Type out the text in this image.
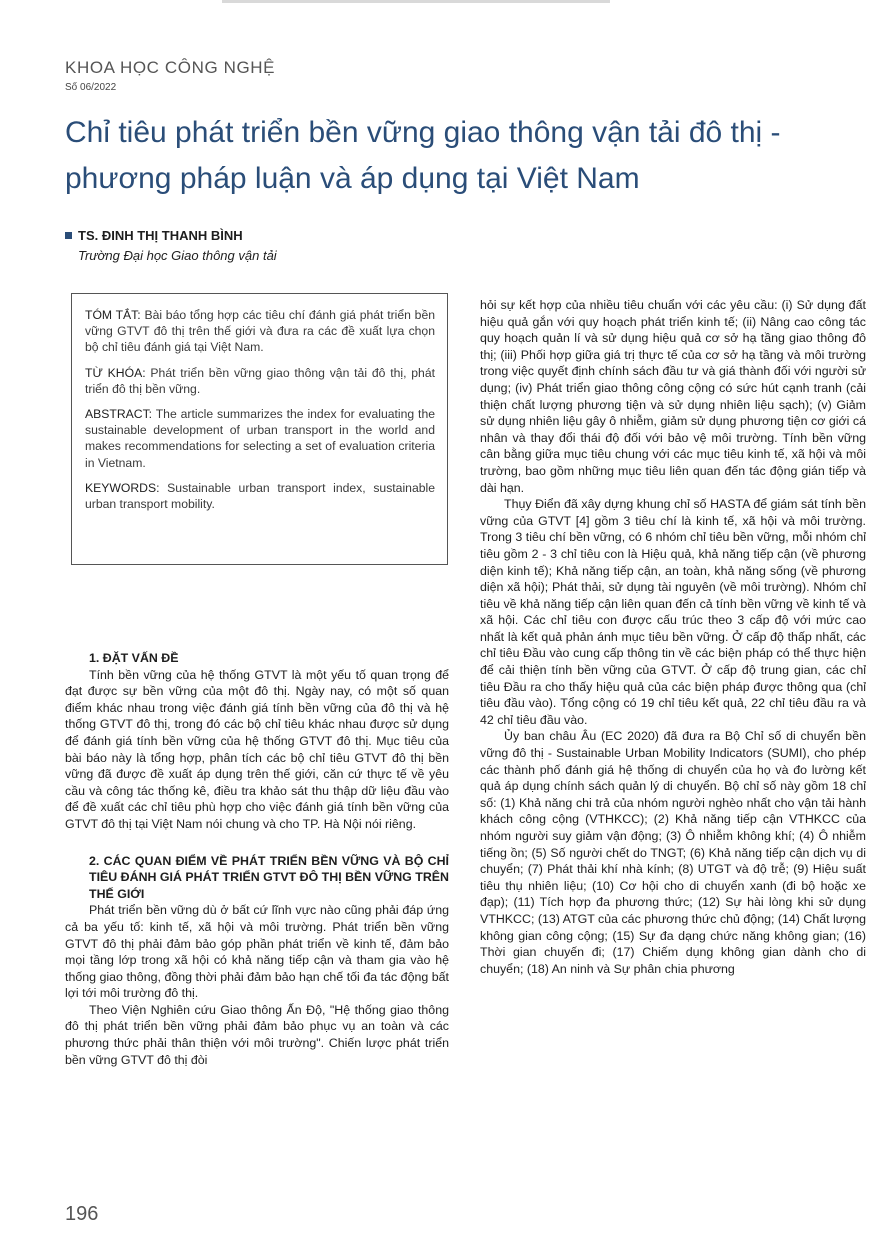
KHOA HỌC CÔNG NGHỆ
Số 06/2022
Chỉ tiêu phát triển bền vững giao thông vận tải đô thị - phương pháp luận và áp dụng tại Việt Nam
TS. ĐINH THỊ THANH BÌNH
Trường Đại học Giao thông vận tải

TÓM TẮT: Bài báo tổng hợp các tiêu chí đánh giá phát triển bền vững GTVT đô thị trên thế giới và đưa ra các đề xuất lựa chọn bộ chỉ tiêu đánh giá tại Việt Nam.

TỪ KHÓA: Phát triển bền vững giao thông vận tải đô thị, phát triển đô thị bền vững.

ABSTRACT: The article summarizes the index for evaluating the sustainable development of urban transport in the world and makes recommendations for selecting a set of evaluation criteria in Vietnam.

KEYWORDS: Sustainable urban transport index, sustainable urban transport mobility.

1. ĐẶT VẤN ĐỀ

Tính bền vững của hệ thống GTVT là một yếu tố quan trọng để đạt được sự bền vững của một đô thị. Ngày nay, có một số quan điểm khác nhau trong việc đánh giá tính bền vững của đô thị và hệ thống GTVT đô thị, trong đó các bộ chỉ tiêu khác nhau được sử dụng để đánh giá tính bền vững của hệ thống GTVT đô thị. Mục tiêu của bài báo này là tổng hợp, phân tích các bộ chỉ tiêu GTVT đô thị bền vững đã được đề xuất áp dụng trên thế giới, căn cứ thực tế về yêu cầu và công tác thống kê, điều tra khảo sát thu thập dữ liệu đầu vào để đề xuất các chỉ tiêu phù hợp cho việc đánh giá tính bền vững của GTVT đô thị tại Việt Nam nói chung và cho TP. Hà Nội nói riêng.

2. CÁC QUAN ĐIỂM VỀ PHÁT TRIỂN BỀN VỮNG VÀ BỘ CHỈ TIÊU ĐÁNH GIÁ PHÁT TRIỂN GTVT ĐÔ THỊ BỀN VỮNG TRÊN THẾ GIỚI

Phát triển bền vững dù ở bất cứ lĩnh vực nào cũng phải đáp ứng cả ba yếu tố: kinh tế, xã hội và môi trường. Phát triển bền vững GTVT đô thị phải đảm bảo góp phần phát triển về kinh tế, đảm bảo mọi tầng lớp trong xã hội có khả năng tiếp cận và tham gia vào hệ thống giao thông, đồng thời phải đảm bảo hạn chế tối đa tác động bất lợi tới môi trường đô thị.

Theo Viện Nghiên cứu Giao thông Ấn Độ, "Hệ thống giao thông đô thị phát triển bền vững phải đảm bảo phục vụ an toàn và các phương thức phải thân thiện với môi trường". Chiến lược phát triển bền vững GTVT đô thị đòi

hỏi sự kết hợp của nhiều tiêu chuẩn với các yêu cầu: (i) Sử dụng đất hiệu quả gắn với quy hoạch phát triển kinh tế; (ii) Nâng cao công tác quy hoạch quản lí và sử dụng hiệu quả cơ sở hạ tầng giao thông đô thị; (iii) Phối hợp giữa giá trị thực tế của cơ sở hạ tầng và môi trường trong việc quyết định chính sách đầu tư và giá thành đối với người sử dụng; (iv) Phát triển giao thông công cộng có sức hút cạnh tranh (cải thiện chất lượng phương tiện và sử dụng nhiên liệu sạch); (v) Giảm sử dụng nhiên liệu gây ô nhiễm, giảm sử dụng phương tiện cơ giới cá nhân và thay đổi thái độ đối với bảo vệ môi trường. Tính bền vững cân bằng giữa mục tiêu chung với các mục tiêu kinh tế, xã hội và môi trường, bao gồm những mục tiêu liên quan đến tác động gián tiếp và dài hạn.

Thụy Điển đã xây dựng khung chỉ số HASTA để giám sát tính bền vững của GTVT [4] gồm 3 tiêu chí là kinh tế, xã hội và môi trường. Trong 3 tiêu chí bền vững, có 6 nhóm chỉ tiêu bền vững, mỗi nhóm chỉ tiêu gồm 2 - 3 chỉ tiêu con là Hiệu quả, khả năng tiếp cận (về phương diện kinh tế); Khả năng tiếp cận, an toàn, khả năng sống (về phương diện xã hội); Phát thải, sử dụng tài nguyên (về môi trường). Nhóm chỉ tiêu về khả năng tiếp cận liên quan đến cả tính bền vững về kinh tế và xã hội. Các chỉ tiêu con được cấu trúc theo 3 cấp độ với mức cao nhất là kết quả phản ánh mục tiêu bền vững. Ở cấp độ thấp nhất, các chỉ tiêu Đầu vào cung cấp thông tin về các biện pháp có thể thực hiện để cải thiện tính bền vững của GTVT. Ở cấp độ trung gian, các chỉ tiêu Đầu ra cho thấy hiệu quả của các biện pháp được thông qua (chỉ tiêu đầu vào). Tổng cộng có 19 chỉ tiêu kết quả, 22 chỉ tiêu đầu ra và 42 chỉ tiêu đầu vào.

Ủy ban châu Âu (EC 2020) đã đưa ra Bộ Chỉ số di chuyển bền vững đô thị - Sustainable Urban Mobility Indicators (SUMI), cho phép các thành phố đánh giá hệ thống di chuyển của họ và đo lường kết quả áp dụng chính sách quản lý di chuyển. Bộ chỉ số này gồm 18 chỉ số: (1) Khả năng chi trả của nhóm người nghèo nhất cho vận tải hành khách công cộng (VTHKCC); (2) Khả năng tiếp cận VTHKCC của nhóm người suy giảm vận động; (3) Ô nhiễm không khí; (4) Ô nhiễm tiếng ồn; (5) Số người chết do TNGT; (6) Khả năng tiếp cận dịch vụ di chuyển; (7) Phát thải khí nhà kính; (8) UTGT và độ trễ; (9) Hiệu suất tiêu thụ nhiên liệu; (10) Cơ hội cho di chuyển xanh (đi bộ hoặc xe đạp); (11) Tích hợp đa phương thức; (12) Sự hài lòng khi sử dụng VTHKCC; (13) ATGT của các phương thức chủ động; (14) Chất lượng không gian công cộng; (15) Sự đa dạng chức năng không gian; (16) Thời gian chuyến đi; (17) Chiếm dụng không gian dành cho di chuyển; (18) An ninh và Sự phân chia phương

196
